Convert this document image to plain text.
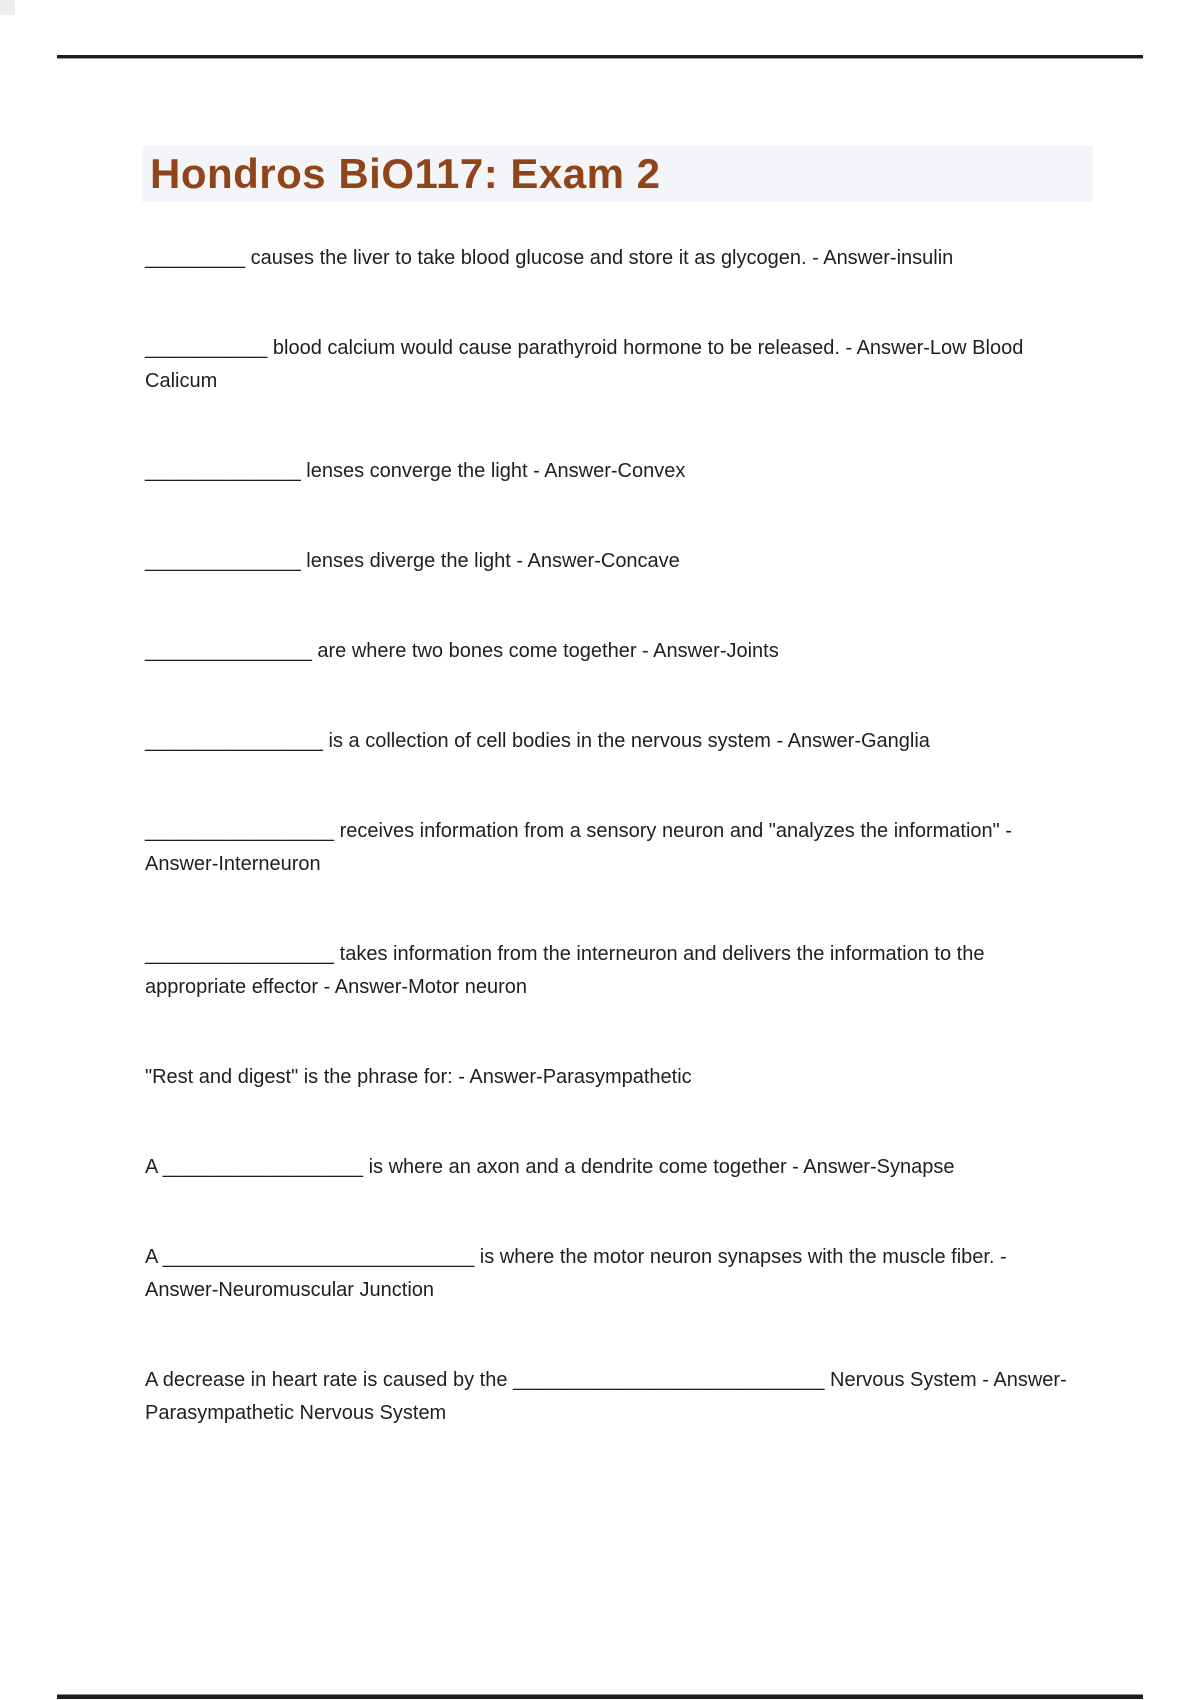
Hondros BiO117: Exam 2
_________ causes the liver to take blood glucose and store it as glycogen. - Answer-insulin
___________ blood calcium would cause parathyroid hormone to be released. - Answer-Low Blood
Calicum
______________ lenses converge the light - Answer-Convex
______________ lenses diverge the light - Answer-Concave
_______________ are where two bones come together - Answer-Joints
________________ is a collection of cell bodies in the nervous system - Answer-Ganglia
_________________ receives information from a sensory neuron and "analyzes the information" -
Answer-Interneuron
_________________ takes information from the interneuron and delivers the information to the
appropriate effector - Answer-Motor neuron
"Rest and digest" is the phrase for: - Answer-Parasympathetic
A __________________ is where an axon and a dendrite come together - Answer-Synapse
A ____________________________ is where the motor neuron synapses with the muscle fiber. -
Answer-Neuromuscular Junction
A decrease in heart rate is caused by the ____________________________ Nervous System - Answer-
Parasympathetic Nervous System
